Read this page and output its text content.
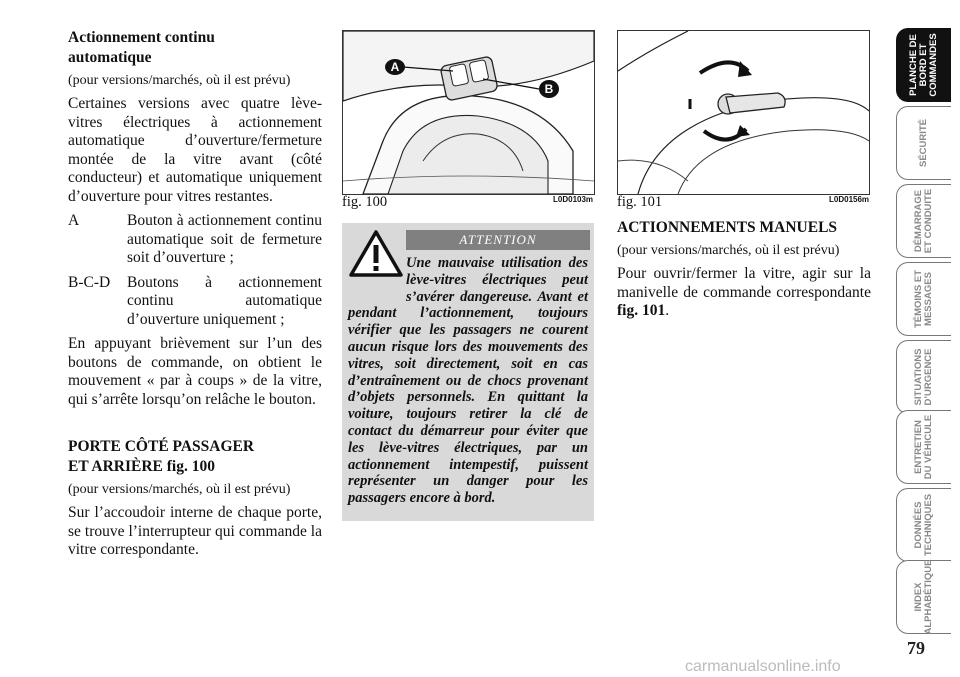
Actionnement continu

automatique

(pour versions/marchés, où il est prévu)

Certaines versions avec quatre lève-vitres électriques à actionnement automatique d’ouverture/fermeture montée de la vitre avant (côté conducteur) et automatique uniquement d’ouverture pour vitres restantes.

A	Bouton à actionnement continu automatique soit de fermeture soit d’ouverture ;
B-C-D	Boutons à actionnement continu automatique d’ouverture uniquement ;

En appuyant brièvement sur l’un des boutons de commande, on obtient le mouvement « par à coups » de la vitre, qui s’arrête lorsqu’on relâche le bouton.

PORTE CÔTÉ PASSAGER

ET ARRIÈRE fig. 100

(pour versions/marchés, où il est prévu)

Sur l’accoudoir interne de chaque porte, se trouve l’interrupteur qui commande la vitre correspondante.

A
B
fig. 100	L0D0103m fig. 101	L0D0156m
ATTENTION
Une mauvaise utilisation des lève-vitres électriques peut s’avérer dangereuse. Avant et pendant l’actionnement, toujours vérifier que les passagers ne courent aucun risque lors des mouvements des vitres, soit directement, soit en cas d’entraînement ou de chocs provenant d’objets personnels. En quittant la voiture, toujours retirer la clé de contact du démarreur pour éviter que les lève-vitres électriques, par un actionnement intempestif, puissent représenter un danger pour les passagers encore à bord.

ACTIONNEMENTS MANUELS

(pour versions/marchés, où il est prévu)

Pour ouvrir/fermer la vitre, agir sur la manivelle de commande correspondante fig. 101.

PLANCHE DE
BORD ET
COMMANDES
SÉCURITÉ
DÉMARRAGE
ET CONDUITE
TÉMOINS ET
MESSAGES
SITUATIONS
D’URGENCE
ENTRETIEN
DU VÉHICULE
DONNÉES
TECHNIQUES
INDEX
ALPHABÉTIQUE
79
carmanualsonline.info
